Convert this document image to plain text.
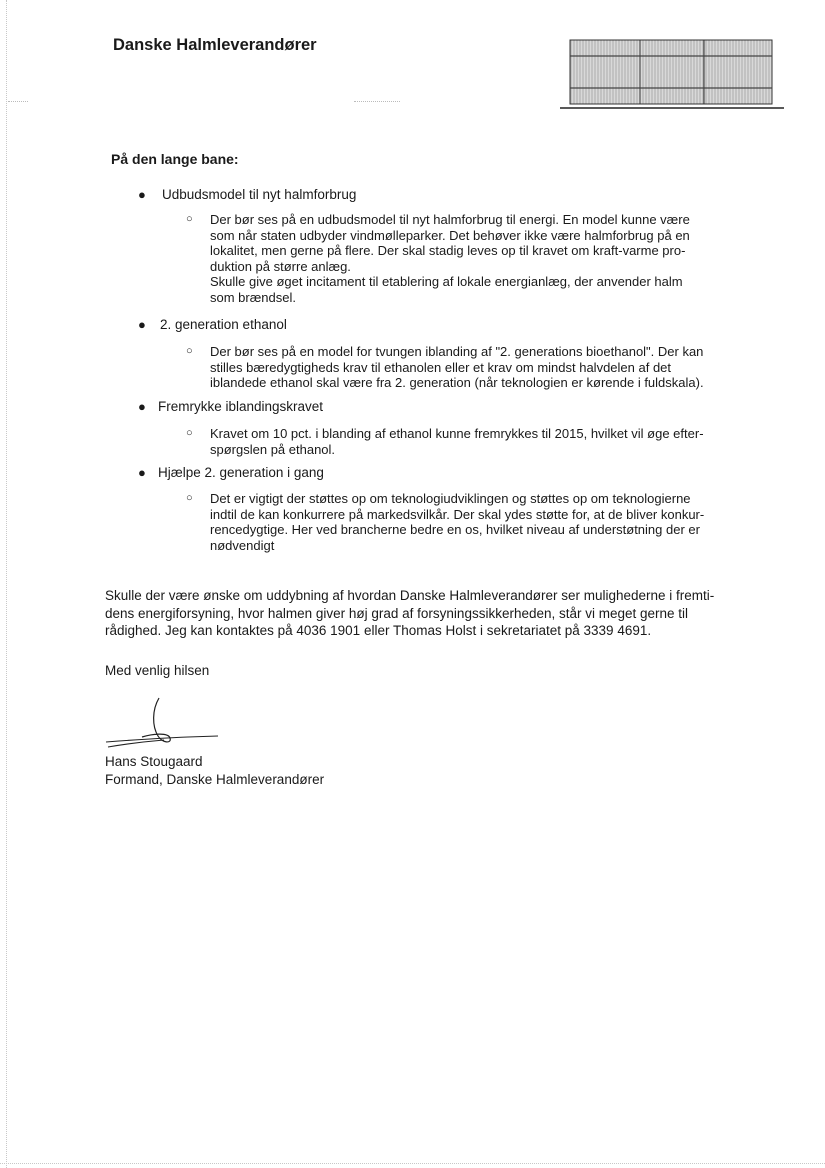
Danske Halmleverandører
På den lange bane:
● Udbudsmodel til nyt halmforbrug
○ Der bør ses på en udbudsmodel til nyt halmforbrug til energi. En model kunne være
som når staten udbyder vindmølleparker. Det behøver ikke være halmforbrug på en
lokalitet, men gerne på flere. Der skal stadig leves op til kravet om kraft-varme pro-
duktion på større anlæg.
Skulle give øget incitament til etablering af lokale energianlæg, der anvender halm
som brændsel.
● 2. generation ethanol
○ Der bør ses på en model for tvungen iblanding af "2. generations bioethanol". Der kan
stilles bæredygtigheds krav til ethanolen eller et krav om mindst halvdelen af det
iblandede ethanol skal være fra 2. generation (når teknologien er kørende i fuldskala).
● Fremrykke iblandingskravet
○ Kravet om 10 pct. i blanding af ethanol kunne fremrykkes til 2015, hvilket vil øge efter-
spørgslen på ethanol.
● Hjælpe 2. generation i gang
○ Det er vigtigt der støttes op om teknologiudviklingen og støttes op om teknologierne
indtil de kan konkurrere på markedsvilkår. Der skal ydes støtte for, at de bliver konkur-
rencedygtige. Her ved brancherne bedre en os, hvilket niveau af understøtning der er
nødvendigt
Skulle der være ønske om uddybning af hvordan Danske Halmleverandører ser mulighederne i fremti-
dens energiforsyning, hvor halmen giver høj grad af forsyningssikkerheden, står vi meget gerne til
rådighed. Jeg kan kontaktes på 4036 1901 eller Thomas Holst i sekretariatet på 3339 4691.
Med venlig hilsen
Hans Stougaard
Formand, Danske Halmleverandører
